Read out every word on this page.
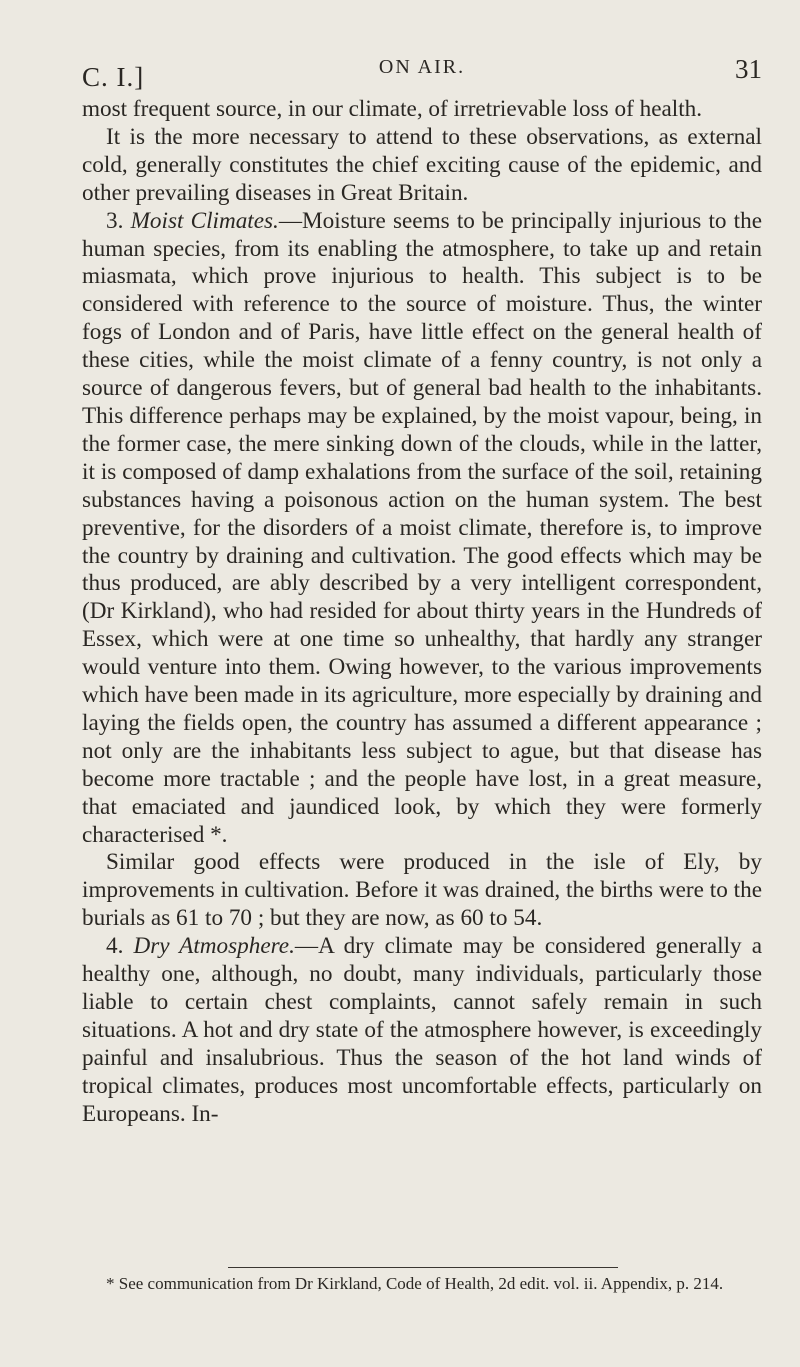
C. I.]	ON AIR.	31

most frequent source, in our climate, of irretrievable loss of health.

It is the more necessary to attend to these observations, as external cold, generally constitutes the chief exciting cause of the epidemic, and other prevailing diseases in Great Britain.

3. Moist Climates.—Moisture seems to be principally injurious to the human species, from its enabling the atmosphere, to take up and retain miasmata, which prove injurious to health. This subject is to be considered with reference to the source of moisture. Thus, the winter fogs of London and of Paris, have little effect on the general health of these cities, while the moist climate of a fenny country, is not only a source of dangerous fevers, but of general bad health to the inhabitants. This difference perhaps may be explained, by the moist vapour, being, in the former case, the mere sinking down of the clouds, while in the latter, it is composed of damp exhalations from the surface of the soil, retaining substances having a poisonous action on the human system. The best preventive, for the disorders of a moist climate, therefore is, to improve the country by draining and cultivation. The good effects which may be thus produced, are ably described by a very intelligent correspondent, (Dr Kirkland), who had resided for about thirty years in the Hundreds of Essex, which were at one time so unhealthy, that hardly any stranger would venture into them. Owing however, to the various improvements which have been made in its agriculture, more especially by draining and laying the fields open, the country has assumed a different appearance ; not only are the inhabitants less subject to ague, but that disease has become more tractable ; and the people have lost, in a great measure, that emaciated and jaundiced look, by which they were formerly characterised *.

Similar good effects were produced in the isle of Ely, by improvements in cultivation. Before it was drained, the births were to the burials as 61 to 70 ; but they are now, as 60 to 54.

4. Dry Atmosphere.—A dry climate may be considered generally a healthy one, although, no doubt, many individuals, particularly those liable to certain chest complaints, cannot safely remain in such situations. A hot and dry state of the atmosphere however, is exceedingly painful and insalubrious. Thus the season of the hot land winds of tropical climates, produces most uncomfortable effects, particularly on Europeans. In-

* See communication from Dr Kirkland, Code of Health, 2d edit. vol. ii. Appendix, p. 214.
